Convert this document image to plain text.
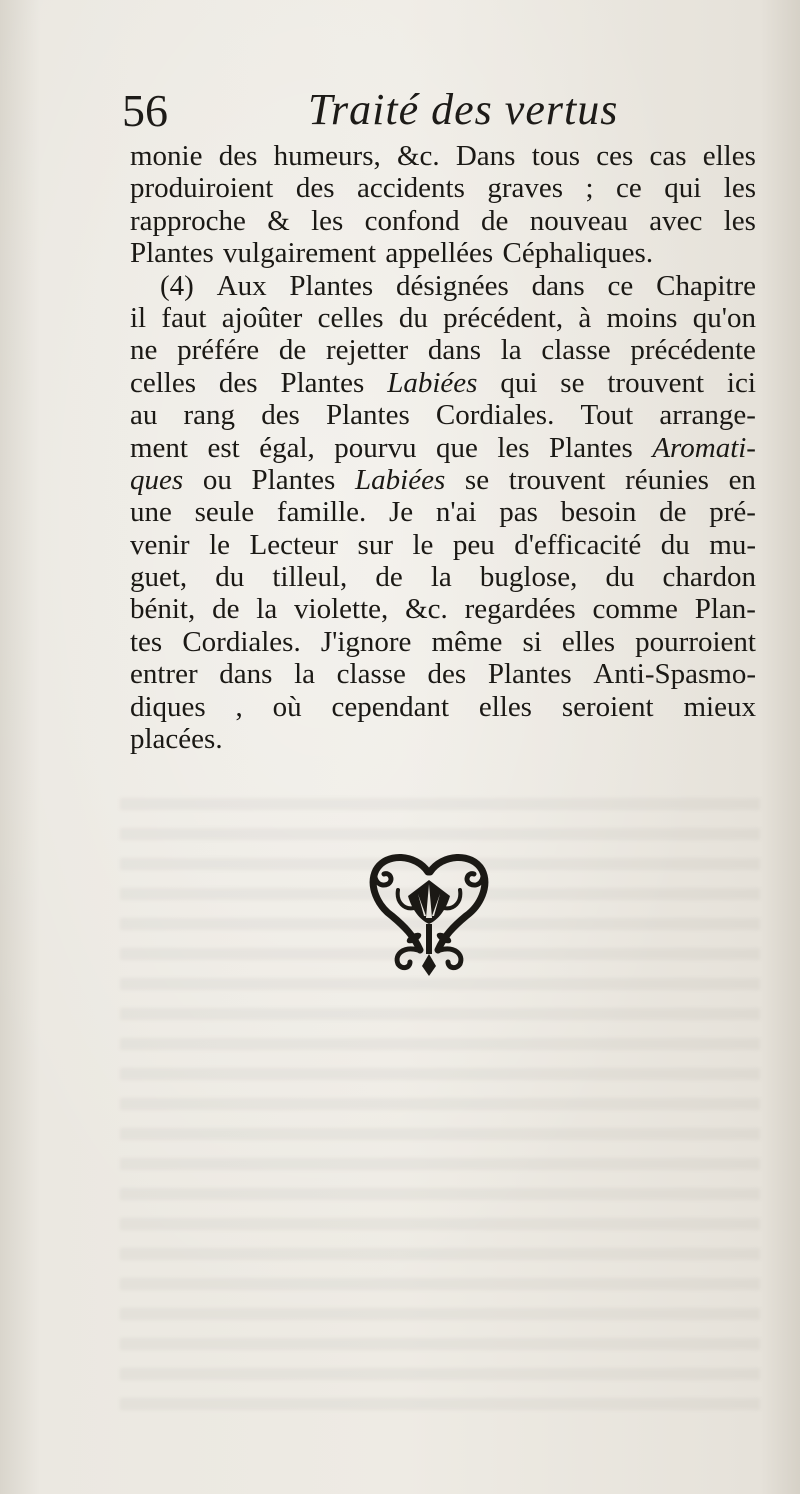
56	Traité des vertus
monie des humeurs, &c. Dans tous ces cas elles
produiroient des accidents graves ; ce qui les
rapproche & les confond de nouveau avec les
Plantes vulgairement appellées Céphaliques.
(4) Aux Plantes désignées dans ce Chapitre
il faut ajoûter celles du précédent, à moins qu'on
ne préfére de rejetter dans la classe précédente
celles des Plantes Labiées qui se trouvent ici
au rang des Plantes Cordiales. Tout arrange-
ment est égal, pourvu que les Plantes Aromati-
ques ou Plantes Labiées se trouvent réunies en
une seule famille. Je n'ai pas besoin de pré-
venir le Lecteur sur le peu d'efficacité du mu-
guet, du tilleul, de la buglose, du chardon
bénit, de la violette, &c. regardées comme Plan-
tes Cordiales. J'ignore même si elles pourroient
entrer dans la classe des Plantes Anti-Spasmo-
diques , où cependant elles seroient mieux
placées.
